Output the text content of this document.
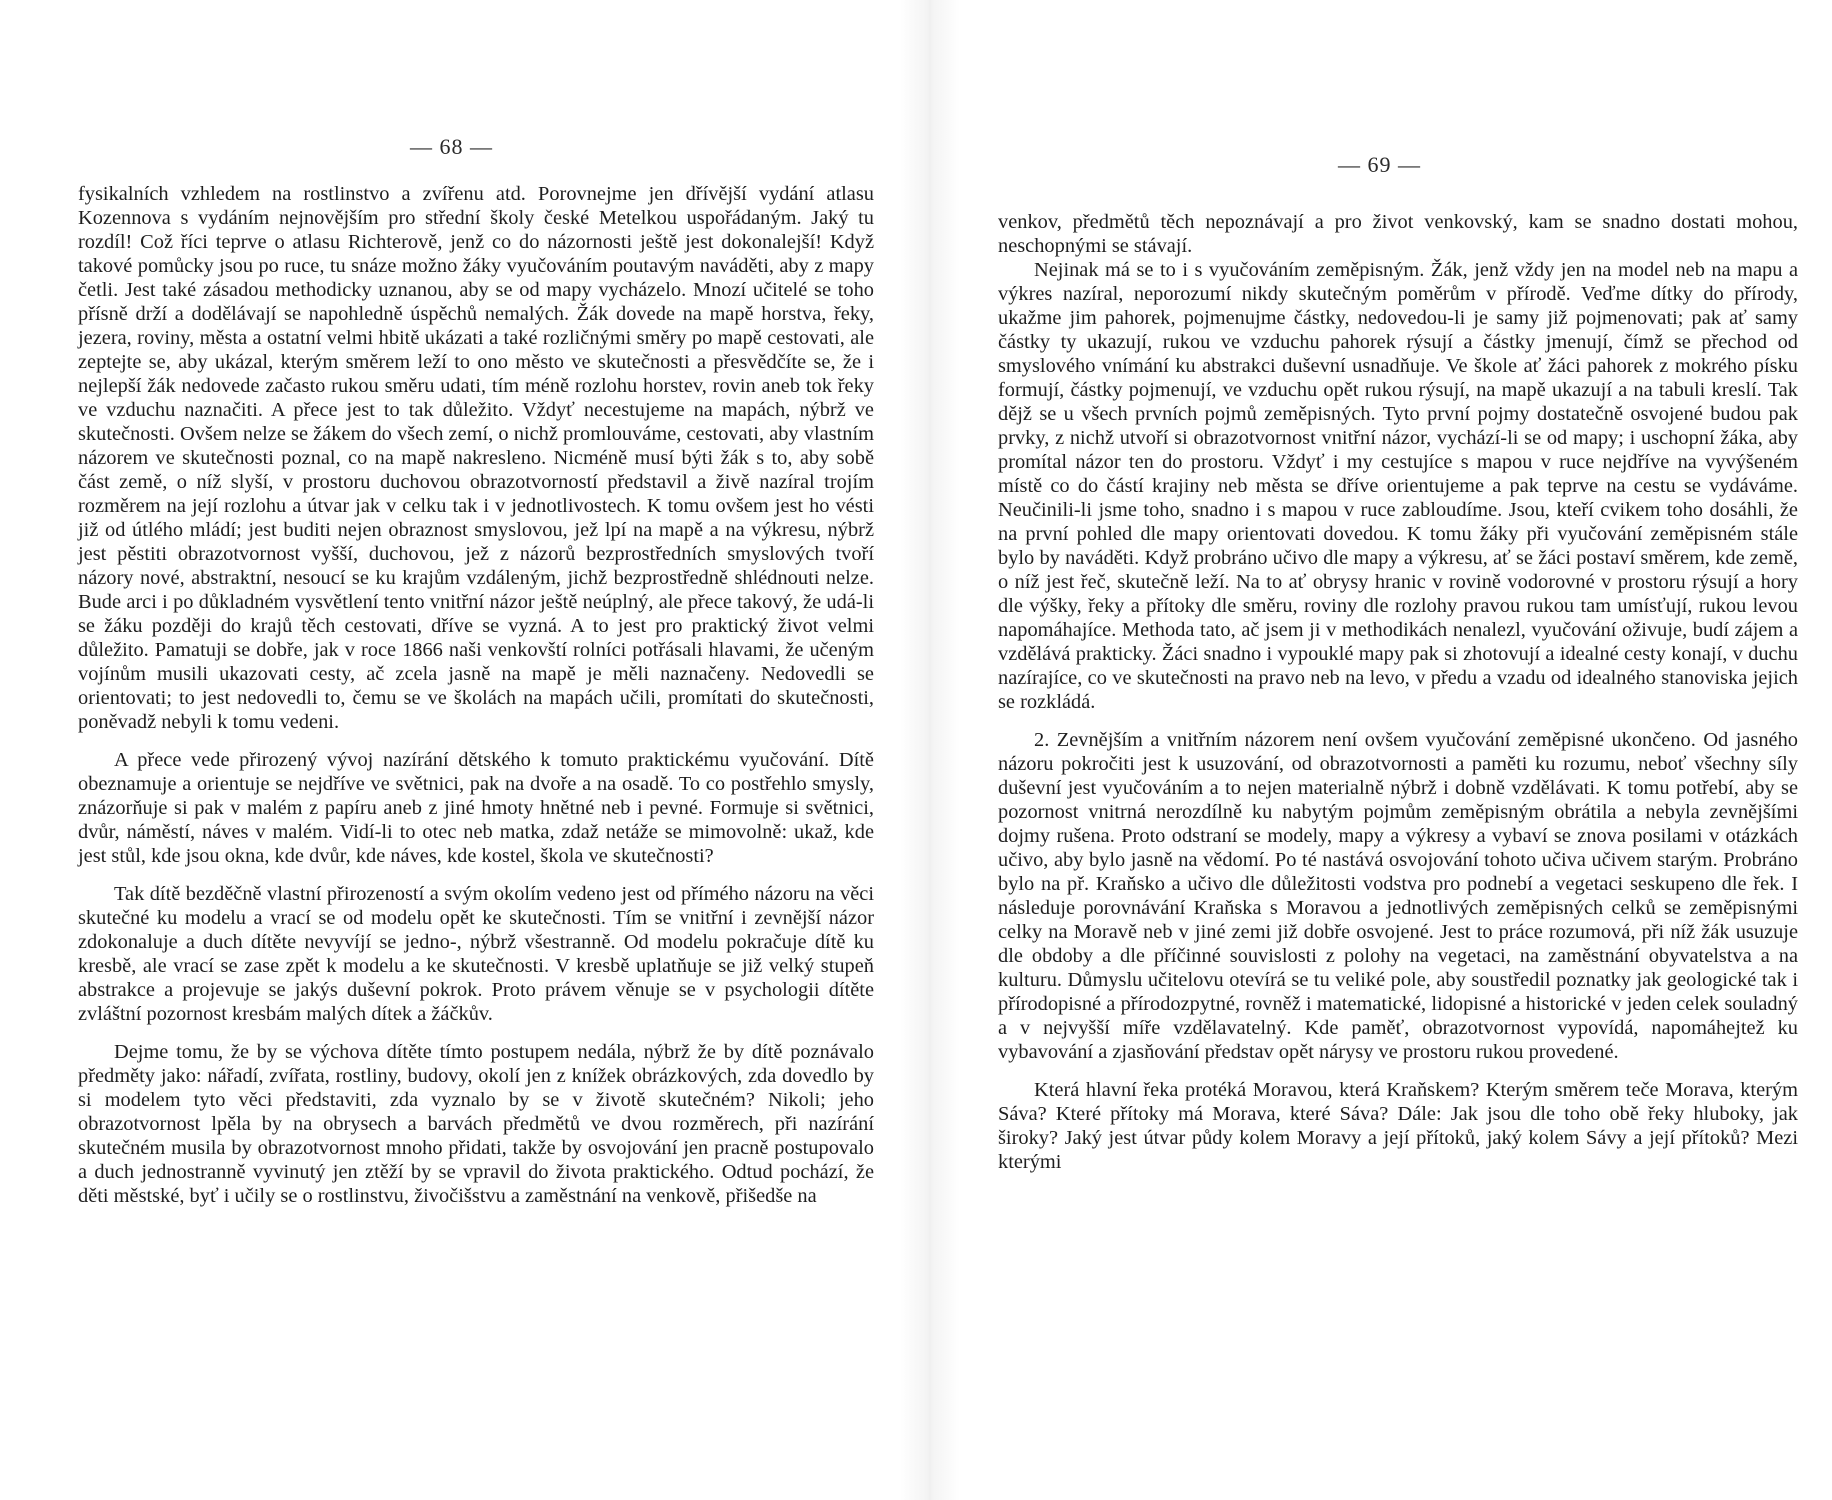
— 68 —

fysikalních vzhledem na rostlinstvo a zvířenu atd. Porovnejme jen dřívější vydání atlasu Kozennova s vydáním nejnovějším pro střední školy české Metelkou uspořádaným. Jaký tu rozdíl! Což říci teprve o atlasu Richterově, jenž co do názornosti ještě jest dokonalejší! Když takové pomůcky jsou po ruce, tu snáze možno žáky vyučováním poutavým naváděti, aby z mapy četli. Jest také zásadou methodicky uznanou, aby se od mapy vycházelo. Mnozí učitelé se toho přísně drží a dodělávají se napohledně úspěchů nemalých. Žák dovede na mapě horstva, řeky, jezera, roviny, města a ostatní velmi hbitě ukázati a také rozličnými směry po mapě cestovati, ale zeptejte se, aby ukázal, kterým směrem leží to ono město ve skutečnosti a přesvědčíte se, že i nejlepší žák nedovede začasto rukou směru udati, tím méně rozlohu horstev, rovin aneb tok řeky ve vzduchu naznačiti. A přece jest to tak důležito. Vždyť necestujeme na mapách, nýbrž ve skutečnosti. Ovšem nelze se žákem do všech zemí, o nichž promlouváme, cestovati, aby vlastním názorem ve skutečnosti poznal, co na mapě nakresleno. Nicméně musí býti žák s to, aby sobě část země, o níž slyší, v prostoru duchovou obrazotvorností představil a živě nazíral trojím rozměrem na její rozlohu a útvar jak v celku tak i v jednotlivostech. K tomu ovšem jest ho vésti již od útlého mládí; jest buditi nejen obraznost smyslovou, jež lpí na mapě a na výkresu, nýbrž jest pěstiti obrazotvornost vyšší, duchovou, jež z názorů bezprostředních smyslových tvoří názory nové, abstraktní, nesoucí se ku krajům vzdáleným, jichž bezprostředně shlédnouti nelze. Bude arci i po důkladném vysvětlení tento vnitřní názor ještě neúplný, ale přece takový, že udá-li se žáku později do krajů těch cestovati, dříve se vyzná. A to jest pro praktický život velmi důležito. Pamatuji se dobře, jak v roce 1866 naši venkovští rolníci potřásali hlavami, že učeným vojínům musili ukazovati cesty, ač zcela jasně na mapě je měli naznačeny. Nedovedli se orientovati; to jest nedovedli to, čemu se ve školách na mapách učili, promítati do skutečnosti, poněvadž nebyli k tomu vedeni.

A přece vede přirozený vývoj nazírání dětského k tomuto praktickému vyučování. Dítě obeznamuje a orientuje se nejdříve ve světnici, pak na dvoře a na osadě. To co postřehlo smysly, znázorňuje si pak v malém z papíru aneb z jiné hmoty hnětné neb i pevné. Formuje si světnici, dvůr, náměstí, náves v malém. Vidí-li to otec neb matka, zdaž netáže se mimovolně: ukaž, kde jest stůl, kde jsou okna, kde dvůr, kde náves, kde kostel, škola ve skutečnosti?

Tak dítě bezděčně vlastní přirozeností a svým okolím vedeno jest od přímého názoru na věci skutečné ku modelu a vrací se od modelu opět ke skutečnosti. Tím se vnitřní i zevnější názor zdokonaluje a duch dítěte nevyvíjí se jedno-, nýbrž všestranně. Od modelu pokračuje dítě ku kresbě, ale vrací se zase zpět k modelu a ke skutečnosti. V kresbě uplatňuje se již velký stupeň abstrakce a projevuje se jakýs duševní pokrok. Proto právem věnuje se v psychologii dítěte zvláštní pozornost kresbám malých dítek a žáčkův.

Dejme tomu, že by se výchova dítěte tímto postupem nedála, nýbrž že by dítě poznávalo předměty jako: nářadí, zvířata, rostliny, budovy, okolí jen z knížek obrázkových, zda dovedlo by si modelem tyto věci představiti, zda vyznalo by se v životě skutečném? Nikoli; jeho obrazotvornost lpěla by na obrysech a barvách předmětů ve dvou rozměrech, při nazírání skutečném musila by obrazotvornost mnoho přidati, takže by osvojování jen pracně postupovalo a duch jednostranně vyvinutý jen ztěží by se vpravil do života praktického. Odtud pochází, že děti městské, byť i učily se o rostlinstvu, živočišstvu a zaměstnání na venkově, přišedše na

— 69 —

venkov, předmětů těch nepoznávají a pro život venkovský, kam se snadno dostati mohou, neschopnými se stávají.

Nejinak má se to i s vyučováním zeměpisným. Žák, jenž vždy jen na model neb na mapu a výkres nazíral, neporozumí nikdy skutečným poměrům v přírodě. Veďme dítky do přírody, ukažme jim pahorek, pojmenujme částky, nedovedou-li je samy již pojmenovati; pak ať samy částky ty ukazují, rukou ve vzduchu pahorek rýsují a částky jmenují, čímž se přechod od smyslového vnímání ku abstrakci duševní usnadňuje. Ve škole ať žáci pahorek z mokrého písku formují, částky pojmenují, ve vzduchu opět rukou rýsují, na mapě ukazují a na tabuli kreslí. Tak dějž se u všech prvních pojmů zeměpisných. Tyto první pojmy dostatečně osvojené budou pak prvky, z nichž utvoří si obrazotvornost vnitřní názor, vychází-li se od mapy; i uschopní žáka, aby promítal názor ten do prostoru. Vždyť i my cestujíce s mapou v ruce nejdříve na vyvýšeném místě co do částí krajiny neb města se dříve orientujeme a pak teprve na cestu se vydáváme. Neučinili-li jsme toho, snadno i s mapou v ruce zabloudíme. Jsou, kteří cvikem toho dosáhli, že na první pohled dle mapy orientovati dovedou. K tomu žáky při vyučování zeměpisném stále bylo by naváděti. Když probráno učivo dle mapy a výkresu, ať se žáci postaví směrem, kde země, o níž jest řeč, skutečně leží. Na to ať obrysy hranic v rovině vodorovné v prostoru rýsují a hory dle výšky, řeky a přítoky dle směru, roviny dle rozlohy pravou rukou tam umísťují, rukou levou napomáhajíce. Methoda tato, ač jsem ji v methodikách nenalezl, vyučování oživuje, budí zájem a vzdělává prakticky. Žáci snadno i vypouklé mapy pak si zhotovují a idealné cesty konají, v duchu nazírajíce, co ve skutečnosti na pravo neb na levo, v předu a vzadu od idealného stanoviska jejich se rozkládá.

2. Zevnějším a vnitřním názorem není ovšem vyučování zeměpisné ukončeno. Od jasného názoru pokročiti jest k usuzování, od obrazotvornosti a paměti ku rozumu, neboť všechny síly duševní jest vyučováním a to nejen materialně nýbrž i dobně vzdělávati. K tomu potřebí, aby se pozornost vnitrná nerozdílně ku nabytým pojmům zeměpisným obrátila a nebyla zevnějšími dojmy rušena. Proto odstraní se modely, mapy a výkresy a vybaví se znova posilami v otázkách učivo, aby bylo jasně na vědomí. Po té nastává osvojování tohoto učiva učivem starým. Probráno bylo na př. Kraňsko a učivo dle důležitosti vodstva pro podnebí a vegetaci seskupeno dle řek. I následuje porovnávání Kraňska s Moravou a jednotlivých zeměpisných celků se zeměpisnými celky na Moravě neb v jiné zemi již dobře osvojené. Jest to práce rozumová, při níž žák usuzuje dle obdoby a dle příčinné souvislosti z polohy na vegetaci, na zaměstnání obyvatelstva a na kulturu. Důmyslu učitelovu otevírá se tu veliké pole, aby soustředil poznatky jak geologické tak i přírodopisné a přírodozpytné, rovněž i matematické, lidopisné a historické v jeden celek souladný a v nejvyšší míře vzdělavatelný. Kde paměť, obrazotvornost vypovídá, napomáhejtež ku vybavování a zjasňování představ opět nárysy ve prostoru rukou provedené.

Která hlavní řeka protéká Moravou, která Kraňskem? Kterým směrem teče Morava, kterým Sáva? Které přítoky má Morava, které Sáva? Dále: Jak jsou dle toho obě řeky hluboky, jak široky? Jaký jest útvar půdy kolem Moravy a její přítoků, jaký kolem Sávy a její přítoků? Mezi kterými
